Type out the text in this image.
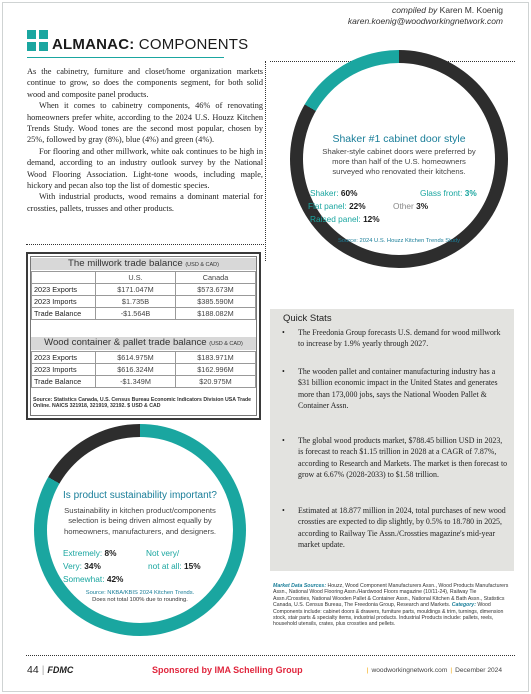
ALMANAC: COMPONENTS
compiled by Karen M. Koenig
karen.koenig@woodworkingnetwork.com

As the cabinetry, furniture and closet/home organization markets continue to grow, so does the components segment, for both solid wood and composite panel products.

When it comes to cabinetry components, 46% of renovating homeowners prefer white, according to the 2024 U.S. Houzz Kitchen Trends Study. Wood tones are the second most popular, chosen by 25%, followed by gray (8%), blue (4%) and green (4%).

For flooring and other millwork, white oak continues to be high in demand, according to an industry outlook survey by the National Wood Flooring Association. Light-tone woods, including maple, hickory and pecan also top the list of domestic species.

With industrial products, wood remains a dominant material for crossties, pallets, trusses and other products.

Shaker #1 cabinet door style
Shaker-style cabinet doors were preferred by more than half of the U.S. homeowners surveyed who renovated their kitchens.
Shaker: 60%	Glass front: 3%
Flat panel: 22%	Other 3%
Raised panel: 12%
Source: 2024 U.S. Houzz Kitchen Trends Study
The millwork trade balance (USD & CAD)
	U.S.	Canada
2023 Exports	$171.047M	$573.673M
2023 Imports	$1.735B	$385.590M
Trade Balance	-$1.564B	$188.082M
Wood container & pallet trade balance (USD & CAD)
2023 Exports	$614.975M	$183.971M
2023 Imports	$616.324M	$162.996M
Trade Balance	-$1.349M	$20.975M
Source: Statistics Canada, U.S. Census Bureau Economic Indicators Division USA Trade Online. NAICS 321918, 321919, 32192. $ USD & CAD
Quick Stats
• The Freedonia Group forecasts U.S. demand for wood millwork to increase by 1.9% yearly through 2027.
• The wooden pallet and container manufacturing industry has a $31 billion economic impact in the United States and generates more than 173,000 jobs, says the National Wooden Pallet & Container Assn.
• The global wood products market, $788.45 billion USD in 2023, is forecast to reach $1.15 trillion in 2028 at a CAGR of 7.87%, according to Research and Markets. The market is then forecast to grow at 6.67% (2028-2033) to $1.58 trillion.
• Estimated at 18.877 million in 2024, total purchases of new wood crossties are expected to dip slightly, by 0.5% to 18.780 in 2025, according to Railway Tie Assn./Crossties magazine's mid-year market update.
Is product sustainability important?
Sustainability in kitchen product/components selection is being driven almost equally by homeowners, manufacturers, and designers.
Extremely: 8%	Not very/
Very: 34%	not at all: 15%
Somewhat: 42%
Source: NKBA/KBIS 2024 Kitchen Trends.
Does not total 100% due to rounding.
Market Data Sources: Houzz, Wood Component Manufacturers Assn., Wood Products Manufacturers Assn., National Wood Flooring Assn./Hardwood Floors magazine (10/11-24), Railway Tie Assn./Crossties, National Wooden Pallet & Container Assn., National Kitchen & Bath Assn., Statistics Canada, U.S. Census Bureau, The Freedonia Group, Research and Markets. Category: Wood Components include: cabinet doors & drawers, furniture parts, mouldings & trim, turnings, dimension stock, stair parts & specialty items, industrial products. Industrial Products include: pallets, reels, household utensils, crates, plus crossties and pellets.
44 | FDMC	Sponsored by IMA Schelling Group	| woodworkingnetwork.com | December 2024
